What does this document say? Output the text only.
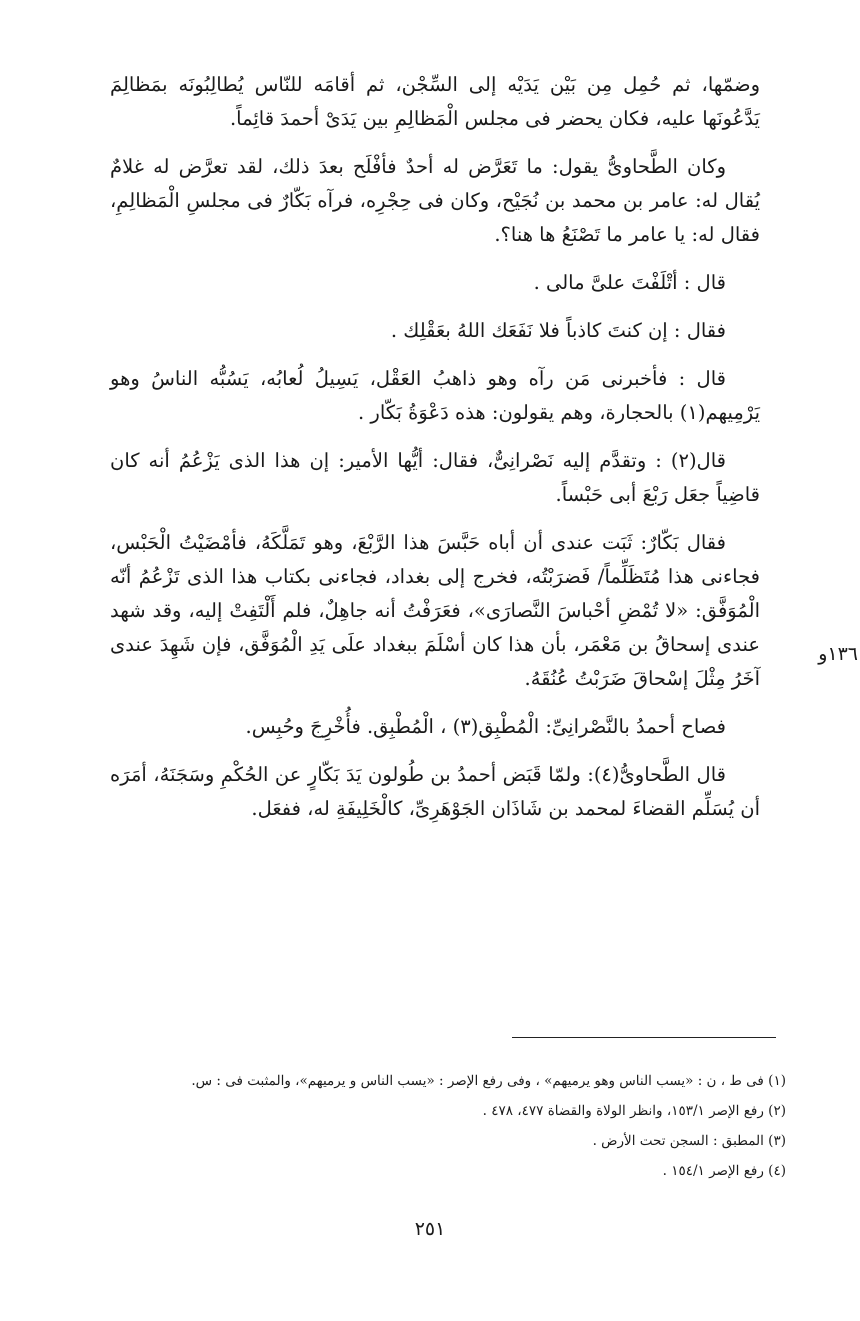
وضمّها، ثم حُمِل مِن بَيْن يَدَيْه إلى السِّجْن، ثم أقامَه للنّاس يُطالِبُونَه بمَظالِمَ يَدَّعُونَها عليه، فكان يحضر فى مجلس الْمَظالِمِ بين يَدَىْ أحمدَ قائِماً.

وكان الطَّحاوىُّ يقول: ما تَعَرَّض له أحدٌ فأفْلَح بعدَ ذلك، لقد تعرَّض له غلامٌ يُقال له: عامر بن محمد بن نُجَيْح، وكان فى حِجْرِه، فرآه بَكّارٌ فى مجلسِ الْمَظالِمِ، فقال له: يا عامر ما تَصْنَعُ ها هنا؟.

قال : أتْلَفْتَ علىَّ مالى .

فقال : إن كنتَ كاذباً فلا نَفَعَك اللهُ بعَقْلِك .

قال : فأخبرنى مَن رآه وهو ذاهبُ العَقْل، يَسِيلُ لُعابُه، يَسُبُّه الناسُ وهو يَرْمِيهم(١) بالحجارة، وهم يقولون: هذه دَعْوَةُ بَكّار .

قال(٢) : وتقدَّم إليه نَصْرانِىٌّ، فقال: أيُّها الأمير: إن هذا الذى يَزْعُمُ أنه كان قاضِياً جعَل رَبْعَ أبى حَبْساً.

فقال بَكّارٌ: ثَبَت عندى أن أباه حَبَّسَ هذا الرَّبْعَ، وهو تَمَلَّكَهُ، فأمْضَيْتُ الْحَبْس، فجاءنى هذا مُتَظَلِّماً/ فَضرَبْتُه، فخرج إلى بغداد، فجاءنى بكتاب هذا الذى تَزْعُمُ أنّه الْمُوَفَّق: «لا تُمْضِ أحْباسَ النَّصارَى»، فعَرَفْتُ أنه جاهِلٌ، فلم أَلْتَفِتْ إليه، وقد شهد عندى إسحاقُ بن مَعْمَر، بأن هذا كان أسْلَمَ ببغداد علَى يَدِ الْمُوَفَّق، فإن شَهِدَ عندى آخَرُ مِثْلَ إسْحاقَ ضَرَبْتُ عُنُقَهُ.

فصاح أحمدُ بالنَّصْرانِىِّ: الْمُطْبِق(٣) ، الْمُطْبِق. فأُخْرِجَ وحُبِس.

قال الطَّحاوىُّ(٤): ولمّا قَبَض أحمدُ بن طُولون يَدَ بَكّارٍ عن الحُكْمِ وسَجَنَهُ، أمَرَه أن يُسَلِّم القضاءَ لمحمد بن شَاذَان الجَوْهَرِىِّ، كالْخَلِيفَةِ له، ففعَل.

١٣٦و

(١) فى ط ، ن : «يسب الناس وهو يرميهم» ، وفى رفع الإصر : «يسب الناس و يرميهم»، والمثبت فى : س.

(٢) رفع الإصر ١٥٣/١، وانظر الولاة والقضاة ٤٧٧، ٤٧٨ .

(٣) المطبق : السجن تحت الأرض .

(٤) رفع الإصر ١٥٤/١ .

٢٥١
